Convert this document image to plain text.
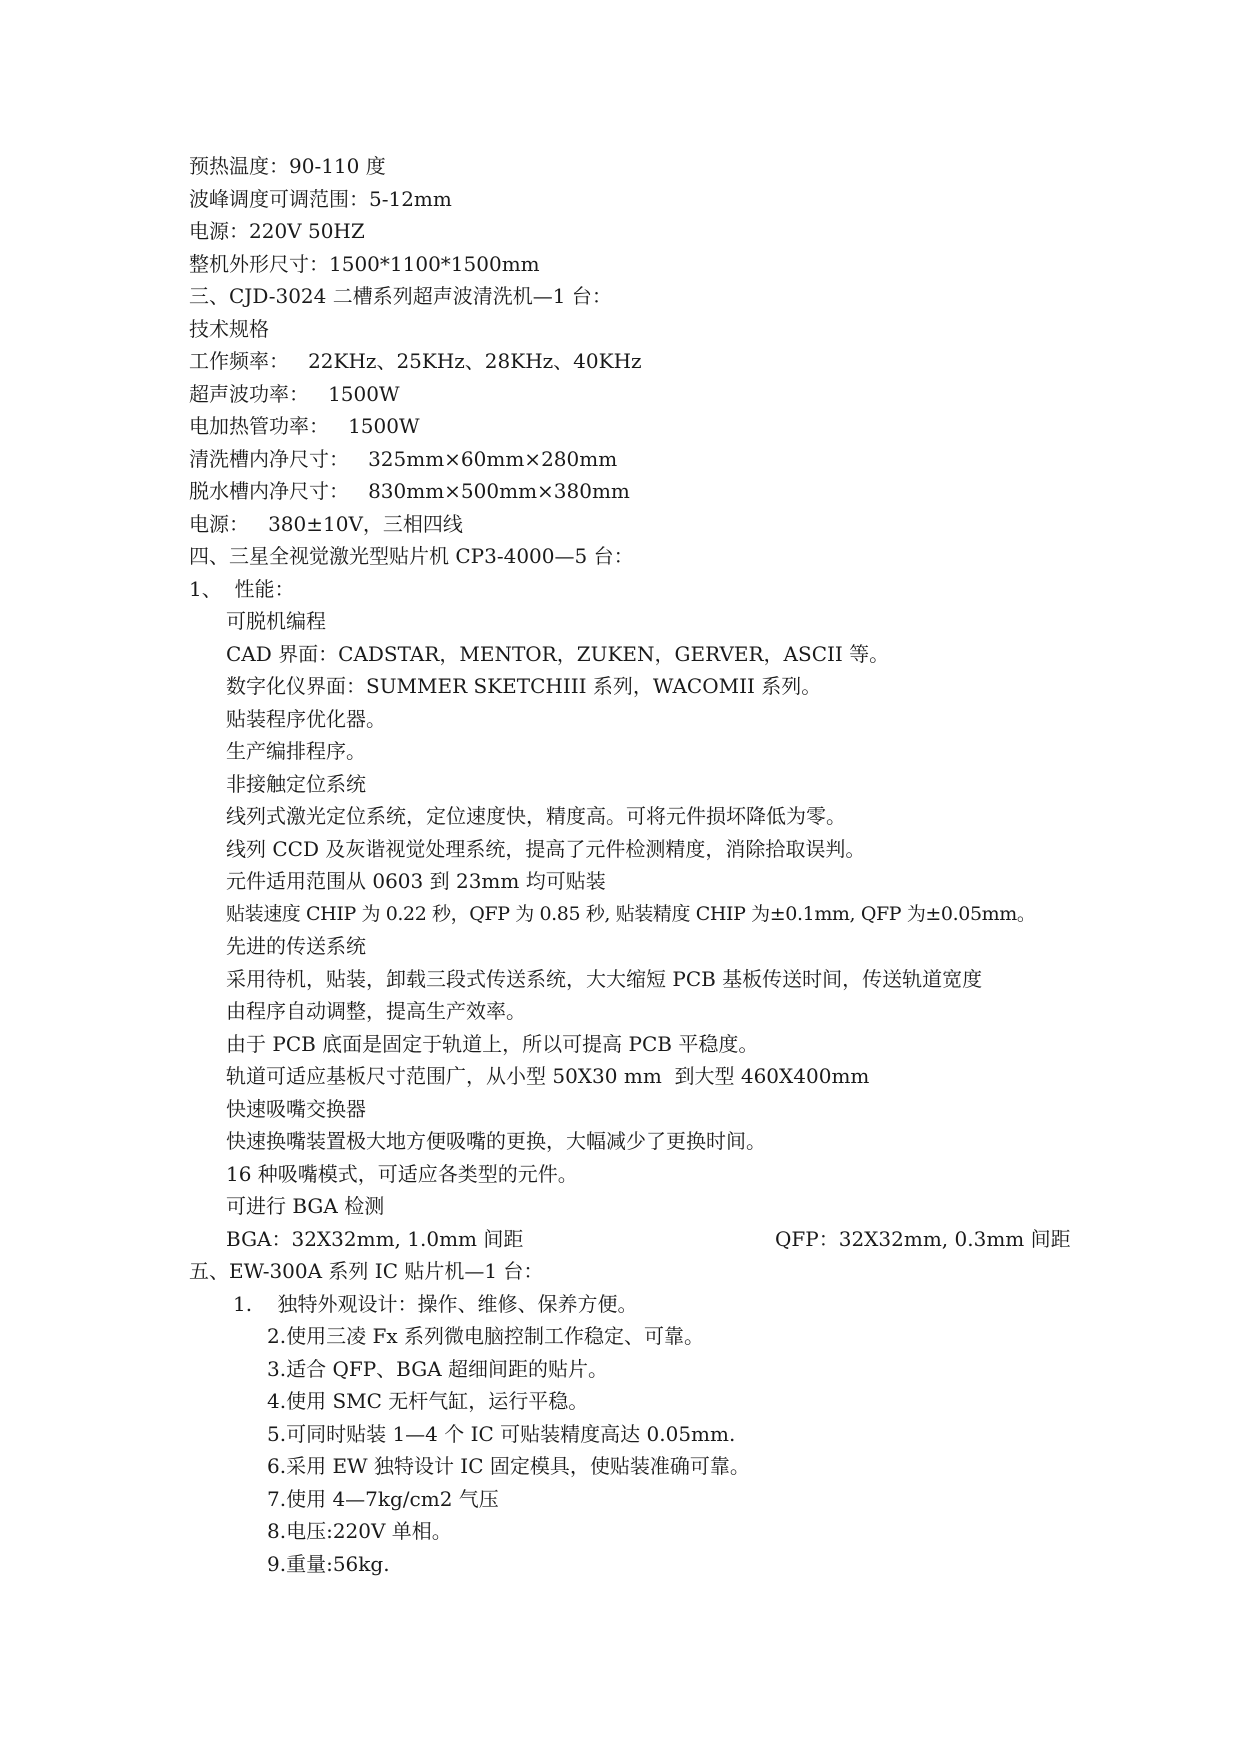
预热温度：90-110 度
波峰调度可调范围：5-12mm
电源：220V 50HZ
整机外形尺寸：1500*1100*1500mm
三、CJD-3024 二槽系列超声波清洗机—1 台：
技术规格
工作频率：   22KHz、25KHz、28KHz、40KHz
超声波功率：   1500W
电加热管功率：   1500W
清洗槽内净尺寸：   325mm×60mm×280mm
脱水槽内净尺寸：   830mm×500mm×380mm
电源：   380±10V，三相四线
四、三星全视觉激光型贴片机 CP3-4000—5 台：
1、  性能：
可脱机编程
CAD 界面：CADSTAR，MENTOR，ZUKEN，GERVER，ASCII 等。
数字化仪界面：SUMMER SKETCHIII 系列，WACOMII 系列。
贴装程序优化器。
生产编排程序。
非接触定位系统
线列式激光定位系统，定位速度快，精度高。可将元件损坏降低为零。
线列 CCD 及灰谐视觉处理系统，提高了元件检测精度，消除拾取误判。
元件适用范围从 0603 到 23mm 均可贴装
贴装速度 CHIP 为 0.22 秒，QFP 为 0.85 秒, 贴装精度 CHIP 为±0.1mm, QFP 为±0.05mm。
先进的传送系统
采用待机，贴装，卸载三段式传送系统，大大缩短 PCB 基板传送时间，传送轨道宽度
由程序自动调整，提高生产效率。
由于 PCB 底面是固定于轨道上，所以可提高 PCB 平稳度。
轨道可适应基板尺寸范围广，从小型 50X30 mm  到大型 460X400mm
快速吸嘴交换器
快速换嘴装置极大地方便吸嘴的更换，大幅减少了更换时间。
16 种吸嘴模式，可适应各类型的元件。
可进行 BGA 检测
BGA：32X32mm, 1.0mm 间距	QFP：32X32mm, 0.3mm 间距
五、EW-300A 系列 IC 贴片机—1 台：
1.    独特外观设计：操作、维修、保养方便。
2.使用三凌 Fx 系列微电脑控制工作稳定、可靠。
3.适合 QFP、BGA 超细间距的贴片。
4.使用 SMC 无杆气缸，运行平稳。
5.可同时贴装 1—4 个 IC 可贴装精度高达 0.05mm.
6.采用 EW 独特设计 IC 固定模具，使贴装准确可靠。
7.使用 4—7kg/cm2 气压
8.电压:220V 单相。
9.重量:56kg.
